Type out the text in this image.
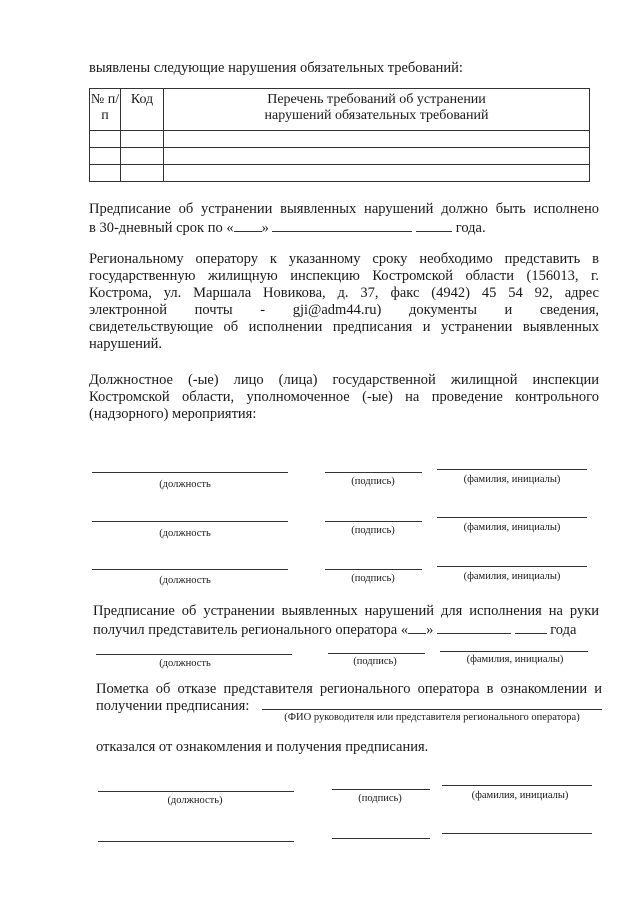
выявлены следующие нарушения обязательных требований:
№ п/п	Код	Перечень требований об устранении
нарушений обязательных требований

Предписание об устранении выявленных нарушений должно быть исполнено
в 30-дневный срок по « »	года.
Региональному оператору к указанному сроку необходимо представить в
государственную жилищную инспекцию Костромской области (156013, г.
Кострома, ул. Маршала Новикова, д. 37, факс (4942) 45 54 92, адрес
электронной почты - gji@adm44.ru) документы и сведения,
свидетельствующие об исполнении предписания и устранении выявленных
нарушений.
Должностное (-ые) лицо (лица) государственной жилищной инспекции
Костромской области, уполномоченное (-ые) на проведение контрольного
(надзорного) мероприятия:
(должность	(подпись)	(фамилия, инициалы)
(должность	(подпись)	(фамилия, инициалы)
(должность	(подпись)	(фамилия, инициалы)
Предписание об устранении выявленных нарушений для исполнения на руки
получил представитель регионального оператора « »	года
(должность	(подпись)	(фамилия, инициалы)
Пометка об отказе представителя регионального оператора в ознакомлении и
получении предписания:
(ФИО руководителя или представителя регионального оператора)
отказался от ознакомления и получения предписания.
(должность)	(подпись)	(фамилия, инициалы)
